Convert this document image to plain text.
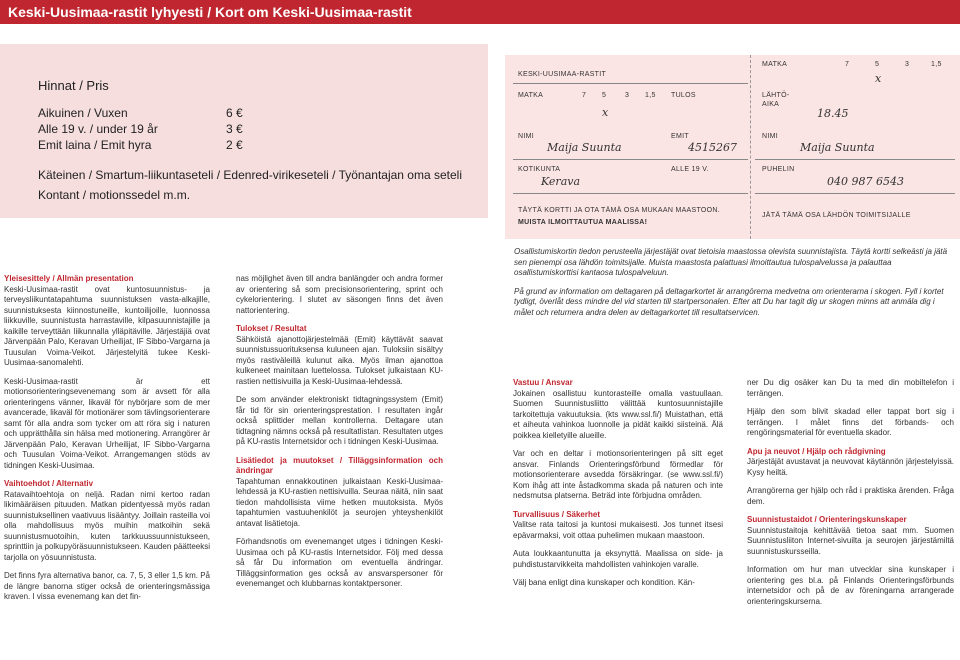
Keski-Uusimaa-rastit lyhyesti / Kort om Keski-Uusimaa-rastit
Hinnat / Pris
Aikuinen / Vuxen	6 €
Alle 19 v. / under 19 år	3 €
Emit laina / Emit hyra	2 €
Käteinen / Smartum-liikuntaseteli / Edenred-virikeseteli / Työnantajan oma seteli
Kontant / motionssedel m.m.
KESKI-UUSIMAA-RASTIT
MATKA	7 5	3 1,5
x
TULOS
NIMI
Maija Suunta
EMIT
4515267
KOTIKUNTA
Kerava
ALLE 19 V.
TÄYTÄ KORTTI JA OTA TÄMÄ OSA MUKAAN MAASTOON.
MUISTA ILMOITTAUTUA MAALISSA!
MATKA	7	5	3	1,5
x
LÄHTÖ-
AIKA
18.45
NIMI
Maija Suunta
PUHELIN
040 987 6543
JÄTÄ TÄMÄ OSA LÄHDÖN TOIMITSIJALLE

Osallistumiskortin tiedon perusteella järjestäjät ovat tietoisia maastossa olevista suunnistajista. Täytä kortti selkeästi ja jätä sen pienempi osa lähdön toimitsijalle. Muista maastosta palattuasi ilmoittautua tulospalvelussa ja palauttaa osallistumiskorttisi kantaosa tulospalveluun.

På grund av information om deltagaren på deltagarkortet är arrangörerna medvetna om orienterarna i skogen. Fyll i kortet tydligt, överlåt dess mindre del vid starten till startpersonalen. Efter att Du har tagit dig ur skogen minns att anmäla dig i målet och returnera andra delen av deltagarkortet till resultatservicen.

Yleisesittely / Allmän presentation

Keski-Uusimaa-rastit ovat kuntosuunnistus- ja terveysliikuntatapahtuma suunnistuksen vasta-alkajille, suunnistuksesta kiinnostuneille, kuntoilijoille, luonnossa liikkuville, suunnistusta harrastaville, kilpasuunnistajille ja kaikille terveyttään liikunnalla ylläpitäville. Järjestäjiä ovat Järvenpään Palo, Keravan Urheilijat, IF Sibbo-Vargarna ja Tuusulan Voima-Veikot. Järjestelyitä tukee Keski-Uusimaa-sanomalehti.

Keski-Uusimaa-rastit är ett motionsorienteringsevenemang som är avsett för alla orienteringens vänner, likaväl för nybörjare som de mer avancerade, likaväl för motionärer som tävlingsorienterare samt för alla andra som tycker om att röra sig i naturen och upprätthålla sin hälsa med motionering. Arrangörer är Järvenpään Palo, Keravan Urheilijat, IF Sibbo-Vargarna och Tuusulan Voima-Veikot. Arrangemangen stöds av tidningen Keski-Uusimaa.

Vaihtoehdot / Alternativ

Ratavaihtoehtoja on neljä. Radan nimi kertoo radan likimääräisen pituuden. Matkan pidentyessä myös radan suunnistuksellinen vaativuus lisääntyy. Joillain rasteilla voi olla mahdollisuus myös muihin matkoihin sekä suunnistusmuotoihin, kuten tarkkuussuunnistukseen, sprinttiin ja polkupyöräsuunnistukseen. Kauden päätteeksi tarjolla on yösuunnistusta.

Det finns fyra alternativa banor, ca. 7, 5, 3 eller 1,5 km. På de längre banorna stiger också de orienteringsmässiga kraven. I vissa evenemang kan det fin-

nas möjlighet även till andra banlängder och andra former av orientering så som precisionsorientering, sprint och cykelorientering. I slutet av säsongen finns det även nattorientering.

Tulokset / Resultat

Sähköistä ajanottojärjestelmää (Emit) käyttävät saavat suunnistussuorituksensa kuluneen ajan. Tuloksiin sisältyy myös rastiväleillä kulunut aika. Myös ilman ajanottoa kulkeneet mainitaan luettelossa. Tulokset julkaistaan KU-rastien nettisivuilla ja Keski-Uusimaa-lehdessä.

De som använder elektroniskt tidtagningssystem (Emit) får tid för sin orienteringsprestation. I resultaten ingår också splittider mellan kontrollerna. Deltagare utan tidtagning nämns också på resultatlistan. Resultaten utges på KU-rastis Internetsidor och i tidningen Keski-Uusimaa.

Lisätiedot ja muutokset / Tilläggsinformation och ändringar

Tapahtuman ennakkoutinen julkaistaan Keski-Uusimaa-lehdessä ja KU-rastien nettisivuilla. Seuraa näitä, niin saat tiedon mahdollisista viime hetken muutoksista. Myös tapahtumien vastuuhenkilöt ja seurojen yhteyshenkilöt antavat lisätietoja.

Förhandsnotis om evenemanget utges i tidningen Keski-Uusimaa och på KU-rastis Internetsidor. Följ med dessa så får Du information om eventuella ändringar. Tilläggsinformation ges också av ansvarspersoner för evenemanget och klubbarnas kontaktpersoner.

Vastuu / Ansvar

Jokainen osallistuu kuntorasteille omalla vastuullaan. Suomen Suunnistusliitto välittää kuntosuunnistajille tarkoitettuja vakuutuksia. (kts www.ssl.fi/) Muistathan, että et aiheuta vahinkoa luonnolle ja pidät kaikki siisteinä. Älä poikkea kielletyille alueille.

Var och en deltar i motionsorienteringen på sitt eget ansvar. Finlands Orienteringsförbund förmedlar för motionsorienterare avsedda försäkringar. (se www.ssl.fi/) Kom ihåg att inte åstadkomma skada på naturen och inte nedsmutsa platserna. Beträd inte förbjudna områden.

Turvallisuus / Säkerhet

Valitse rata taitosi ja kuntosi mukaisesti. Jos tunnet itsesi epävarmaksi, voit ottaa puhelimen mukaan maastoon.

Auta loukkaantunutta ja eksynyttä. Maalissa on side- ja puhdistustarvikkeita mahdollisten vahinkojen varalle.

Välj bana enligt dina kunskaper och kondition. Kän-

ner Du dig osäker kan Du ta med din mobiltelefon i terrängen.

Hjälp den som blivit skadad eller tappat bort sig i terrängen. I målet finns det förbands- och rengöringsmaterial för eventuella skador.

Apu ja neuvot / Hjälp och rådgivning

Järjestäjät avustavat ja neuvovat käytännön järjestelyissä. Kysy heiltä.

Arrangörerna ger hjälp och råd i praktiska ärenden. Fråga dem.

Suunnistustaidot / Orienteringskunskaper

Suunnistustaitoja kehittävää tietoa saat mm. Suomen Suunnistusliiton Internet-sivuilta ja seurojen järjestämiltä suunnistuskursseilla.

Information om hur man utvecklar sina kunskaper i orientering ges bl.a. på Finlands Orienteringsförbunds internetsidor och på de av föreningarna arrangerade orienteringskurserna.
